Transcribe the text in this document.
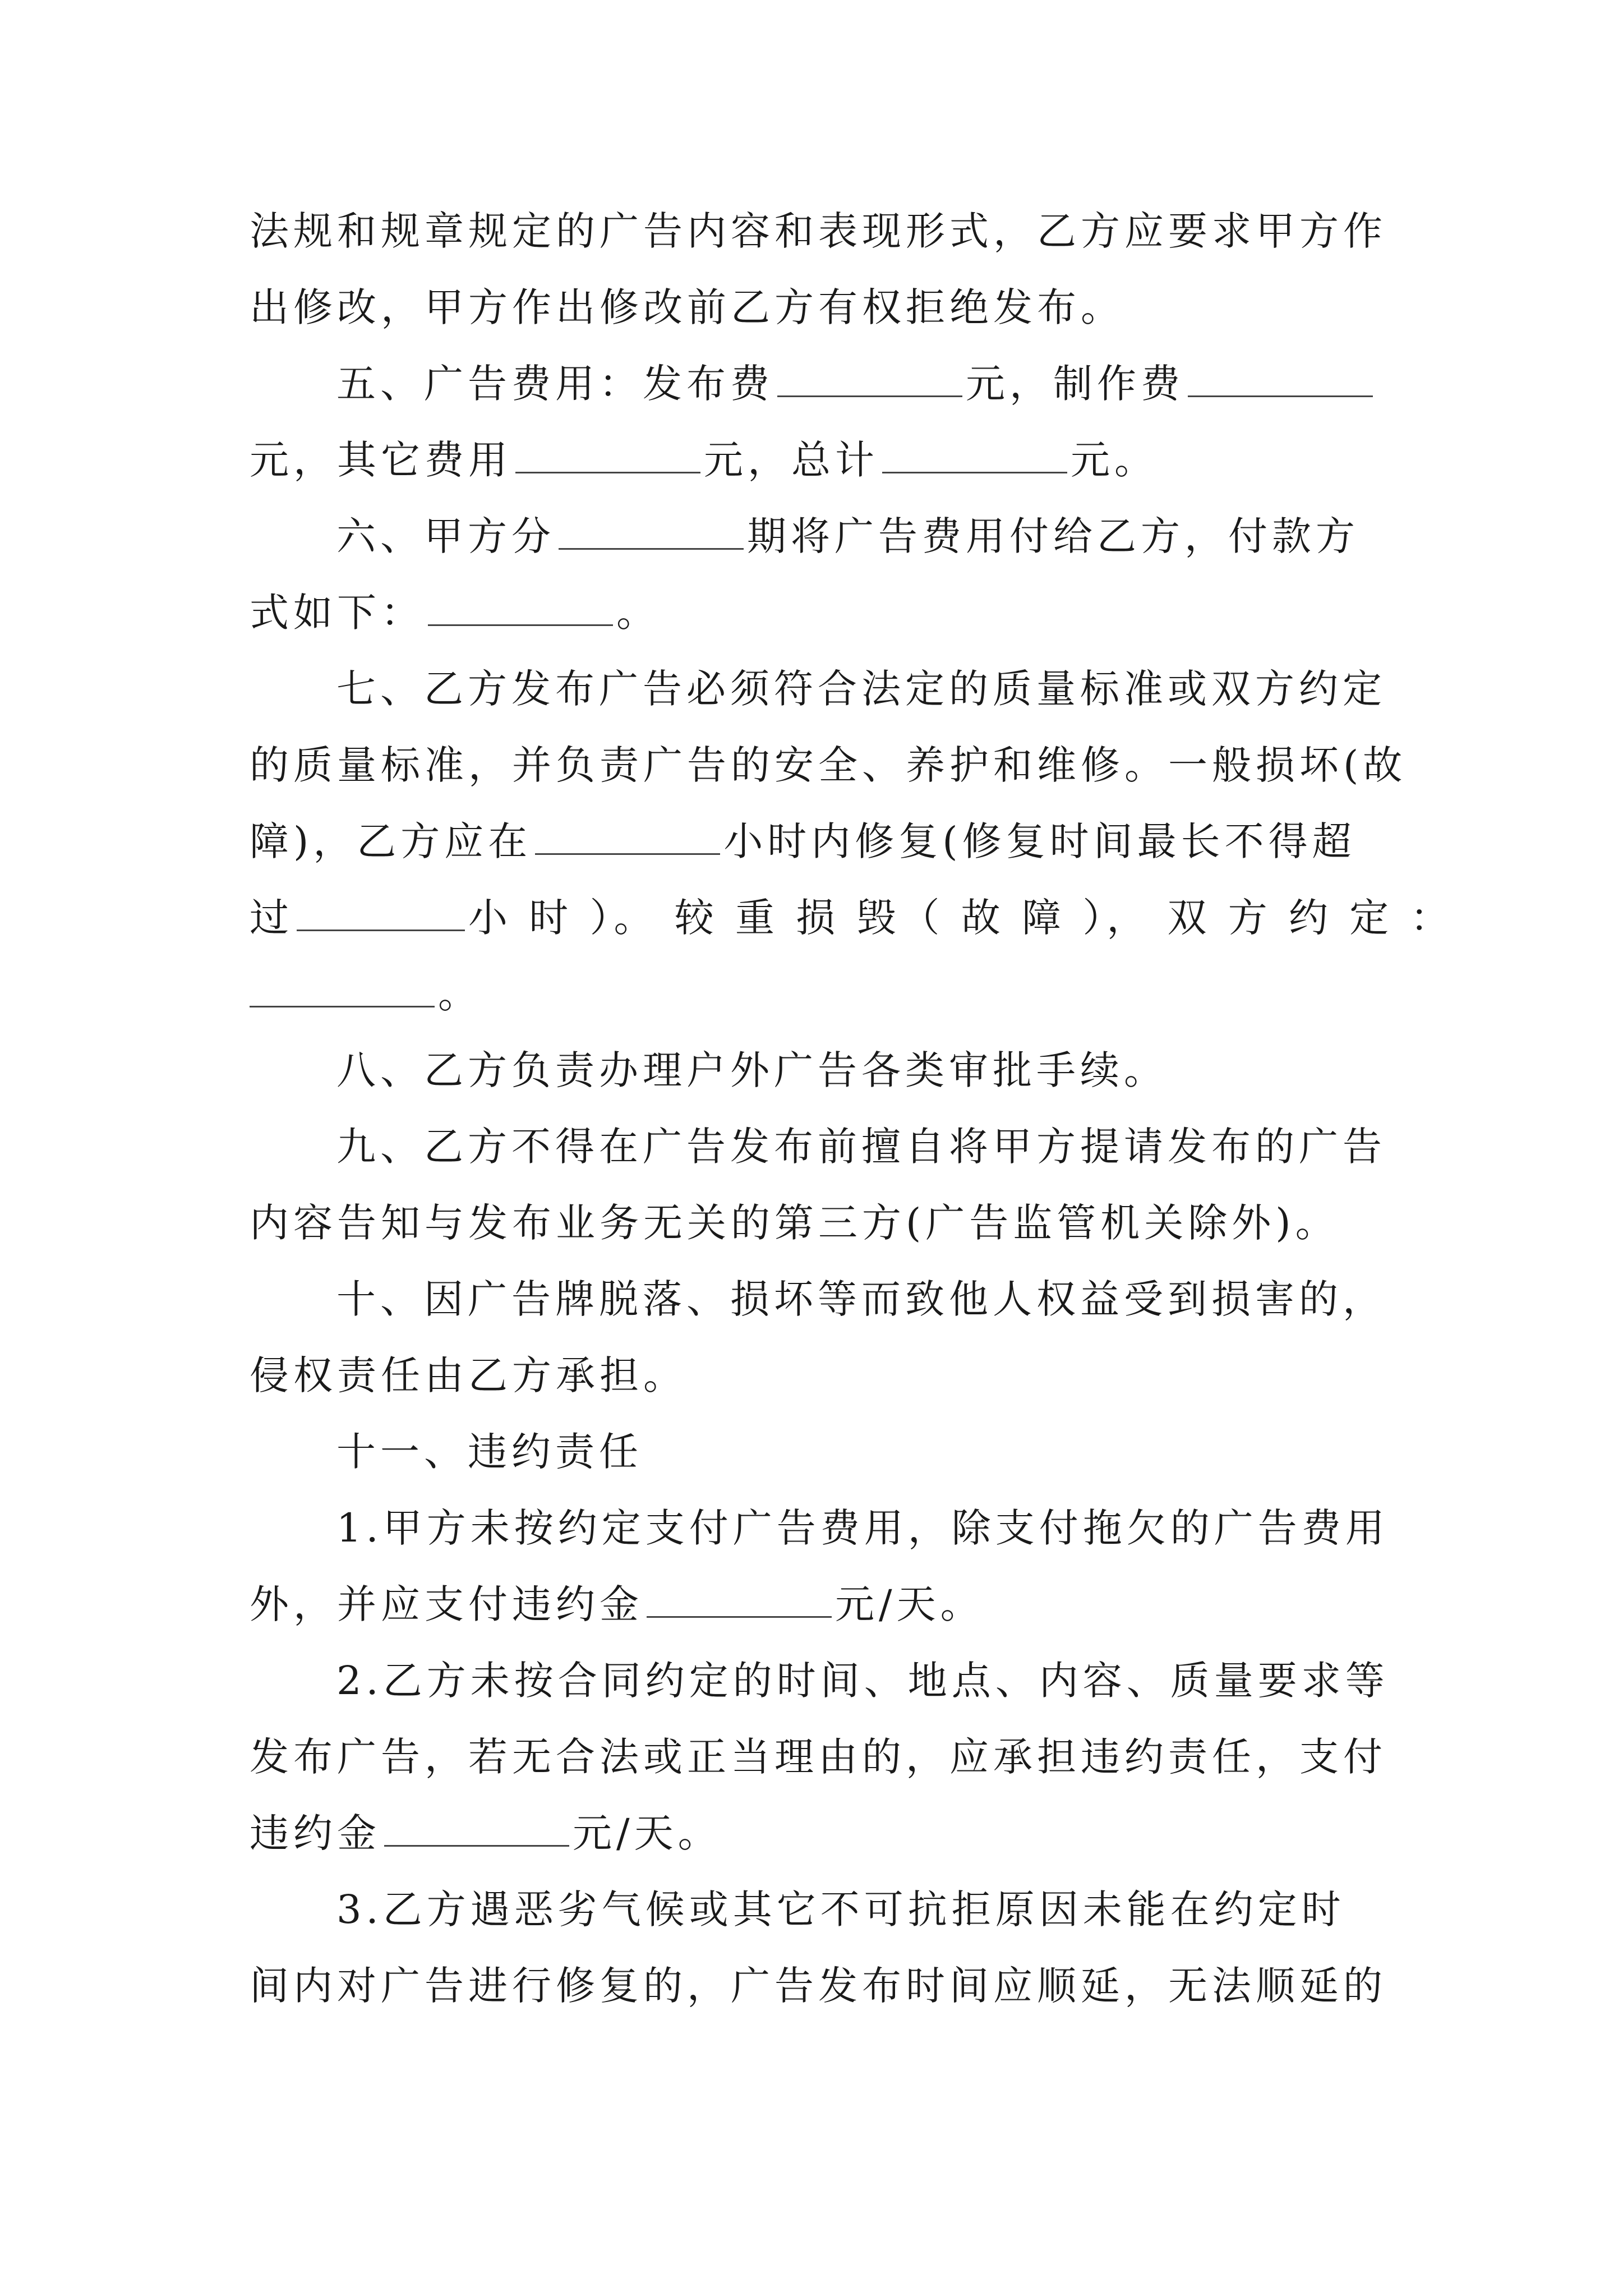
法规和规章规定的广告内容和表现形式，乙方应要求甲方作
出修改，甲方作出修改前乙方有权拒绝发布。
五、广告费用：发布费	元，制作费
元，其它费用	元，总计	元。
六、甲方分	期将广告费用付给乙方，付款方
式如下：	。
七、乙方发布广告必须符合法定的质量标准或双方约定
的质量标准，并负责广告的安全、养护和维修。一般损坏(故
障)，乙方应在	小时内修复(修复时间最长不得超
过	小 时 ）。 较 重 损 毁（ 故 障 ）， 双 方 约 定 ：
。
八、乙方负责办理户外广告各类审批手续。
九、乙方不得在广告发布前擅自将甲方提请发布的广告
内容告知与发布业务无关的第三方(广告监管机关除外)。
十、因广告牌脱落、损坏等而致他人权益受到损害的，
侵权责任由乙方承担。
十一、违约责任
1.甲方未按约定支付广告费用，除支付拖欠的广告费用
外，并应支付违约金	元/天。
2.乙方未按合同约定的时间、地点、内容、质量要求等
发布广告，若无合法或正当理由的，应承担违约责任，支付
违约金	元/天。
3.乙方遇恶劣气候或其它不可抗拒原因未能在约定时
间内对广告进行修复的，广告发布时间应顺延，无法顺延的
